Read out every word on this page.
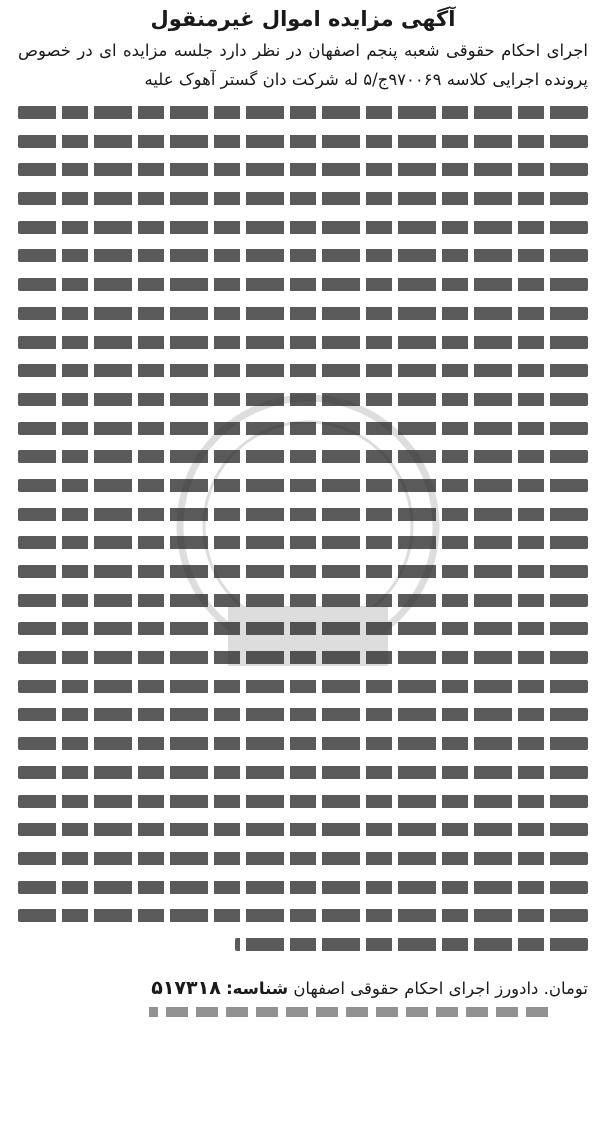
آگهی مزایده اموال غیرمنقول
اجرای احکام حقوقی شعبه پنجم اصفهان در نظر دارد جلسه مزایده ای در خصوص پرونده اجرایی کلاسه ۹۷۰۰۶۹ج/۵ له شرکت دان گستر آهوک علیه
تومان. دادورز اجرای احکام حقوقی اصفهان شناسه: ۵۱۷۳۱۸
